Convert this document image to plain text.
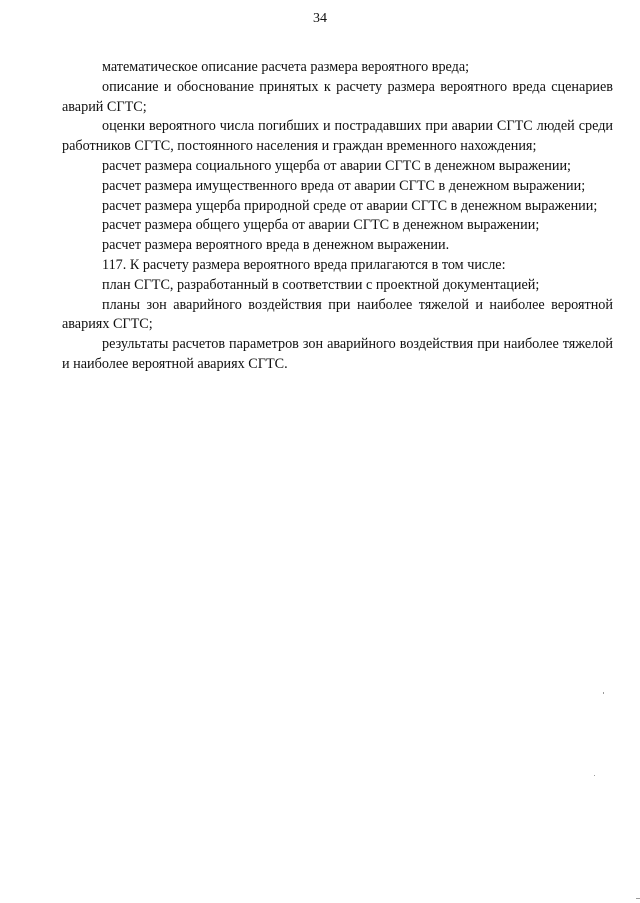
34

математическое описание расчета размера вероятного вреда;

описание и обоснование принятых к расчету размера вероятного вреда сценариев аварий СГТС;

оценки вероятного числа погибших и пострадавших при аварии СГТС людей среди работников СГТС, постоянного населения и граждан временного нахождения;

расчет размера социального ущерба от аварии СГТС в денежном выражении;

расчет размера имущественного вреда от аварии СГТС в денежном выражении;

расчет размера ущерба природной среде от аварии СГТС в денежном выражении;

расчет размера общего ущерба от аварии СГТС в денежном выражении;

расчет размера вероятного вреда в денежном выражении.

117. К расчету размера вероятного вреда прилагаются в том числе:

план СГТС, разработанный в соответствии с проектной документацией;

планы зон аварийного воздействия при наиболее тяжелой и наиболее вероятной авариях СГТС;

результаты расчетов параметров зон аварийного воздействия при наиболее тяжелой и наиболее вероятной авариях СГТС.
